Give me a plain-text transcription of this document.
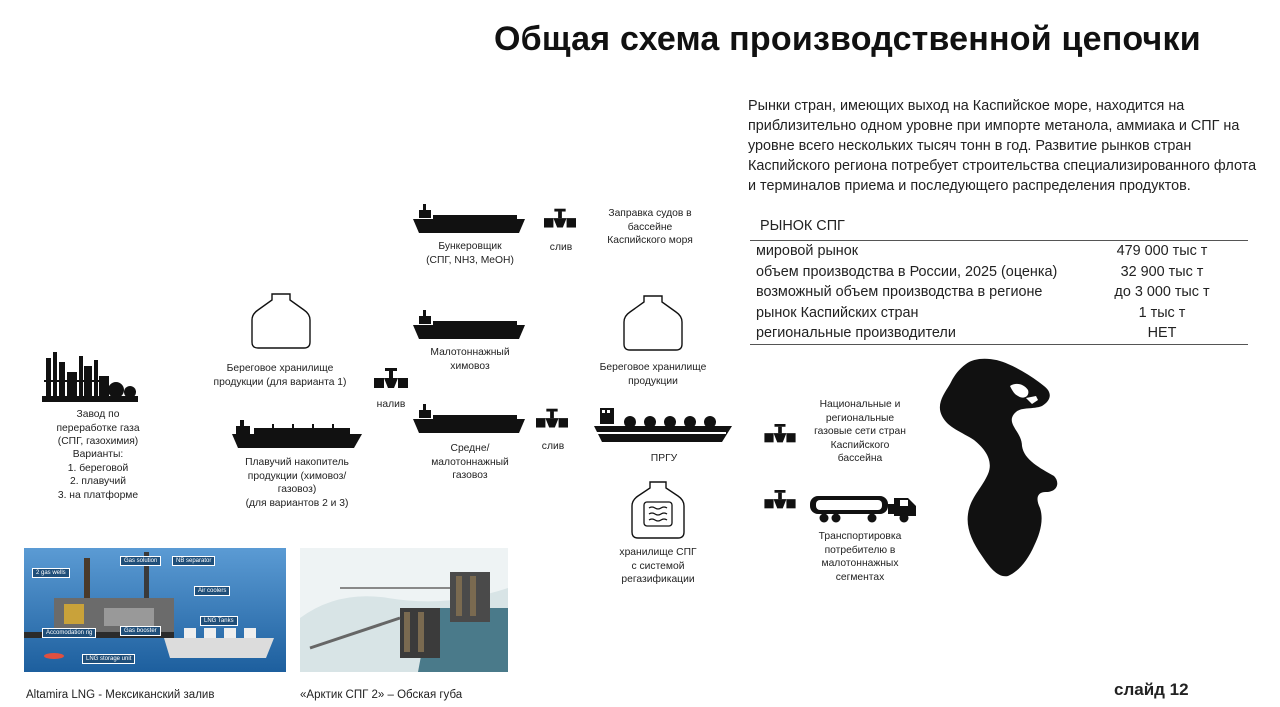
Общая схема производственной цепочки
Рынки стран, имеющих выход на Каспийское море, находится на приблизительно одном уровне при импорте метанола, аммиака и СПГ на уровне всего нескольких тысяч тонн в год. Развитие рынков стран Каспийского региона потребует строительства специализированного флота и терминалов приема и последующего распределения продуктов.
РЫНОК СПГ
мировой рынок	479 000 тыс т
объем производства в России, 2025 (оценка)	32 900 тыс т
возможный объем производства в регионе	до 3 000 тыс т
рынок Каспийских стран	1 тыс т
региональные производители	НЕТ
Завод по
переработке газа
(СПГ, газохимия)
Варианты:
1. береговой
2. плавучий
3. на платформе
Береговое хранилище
продукции (для варианта 1)
Плавучий накопитель
продукции (химовоз/
газовоз)
(для вариантов 2 и 3)
налив
Бункеровщик
(СПГ, NH3, MeOH)
слив
Заправка судов в
бассейне
Каспийского моря
Малотоннажный
химовоз
Средне/
малотоннажный
газовоз
слив
Береговое хранилище
продукции
ПРГУ
хранилище СПГ
с системой
регазификации
Национальные и
региональные
газовые сети стран
Каспийского
бассейна
Транспортировка
потребителю в
малотоннажных
сегментах
2 gas wells
Gas solution	NB separator
Air coolers
Accomodation rig	Gas booster
LNG Tanks
LNG storage unit
Altamira LNG - Мексиканский залив	«Арктик СПГ 2» – Обская губа	слайд 12
